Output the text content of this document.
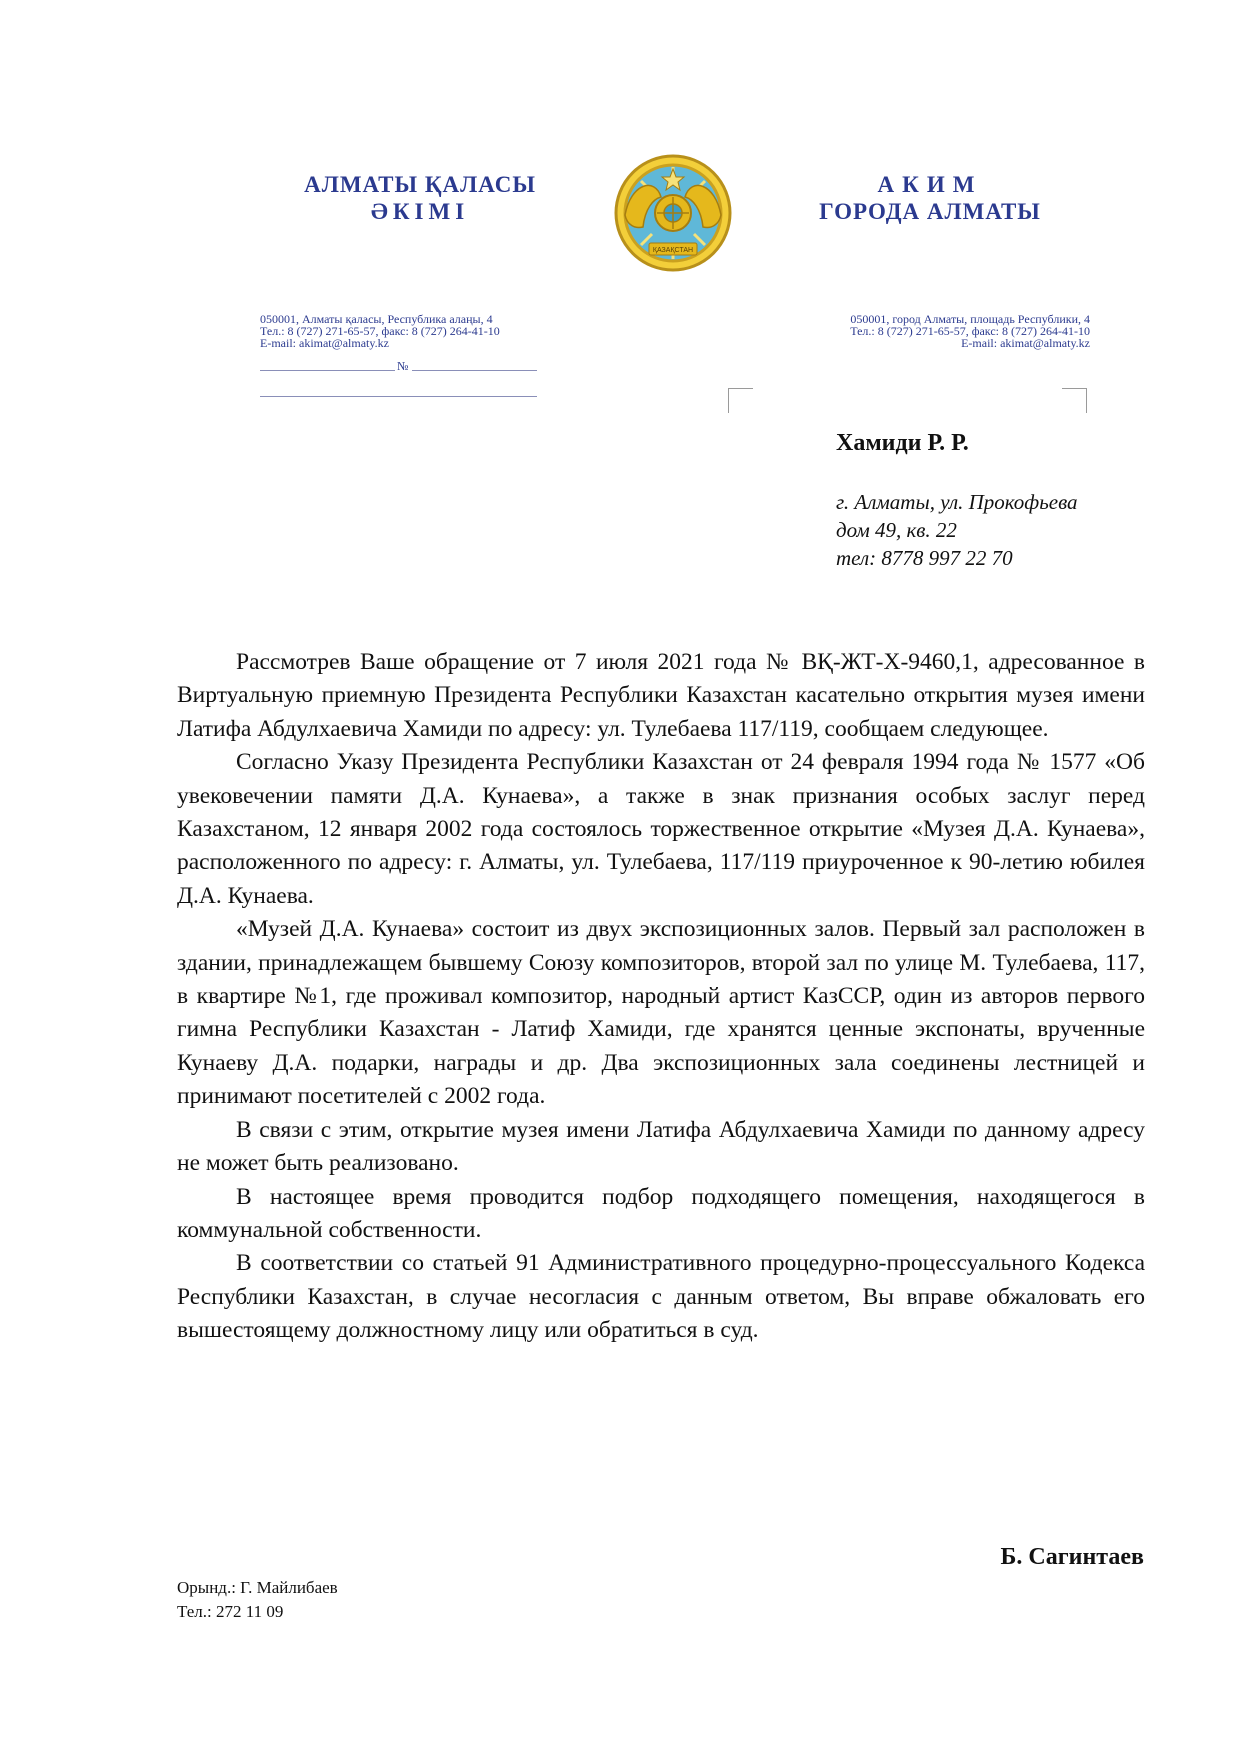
АЛМАТЫ ҚАЛАСЫ
ӘКІМІ
АКИМ
ГОРОДА АЛМАТЫ
ҚАЗАҚСТАН
050001, Алматы қаласы, Республика алаңы, 4
Тел.: 8 (727) 271-65-57, факс: 8 (727) 264-41-10
E-mail: akimat@almaty.kz
№
050001, город Алматы, площадь Республики, 4
Тел.: 8 (727) 271-65-57, факс: 8 (727) 264-41-10
E-mail: akimat@almaty.kz
Хамиди Р. Р.
г. Алматы, ул. Прокофьева
дом 49, кв. 22
тел: 8778 997 22 70

Рассмотрев Ваше обращение от 7 июля 2021 года № ВҚ-ЖТ-Х-9460,1, адресованное в Виртуальную приемную Президента Республики Казахстан касательно открытия музея имени Латифа Абдулхаевича Хамиди по адресу: ул. Тулебаева 117/119, сообщаем следующее.

Согласно Указу Президента Республики Казахстан от 24 февраля 1994 года № 1577 «Об увековечении памяти Д.А. Кунаева», а также в знак признания особых заслуг перед Казахстаном, 12 января 2002 года состоялось торжественное открытие «Музея Д.А. Кунаева», расположенного по адресу: г. Алматы, ул. Тулебаева, 117/119 приуроченное к 90-летию юбилея Д.А. Кунаева.

«Музей Д.А. Кунаева» состоит из двух экспозиционных залов. Первый зал расположен в здании, принадлежащем бывшему Союзу композиторов, второй зал по улице М. Тулебаева, 117, в квартире №1, где проживал композитор, народный артист КазССР, один из авторов первого гимна Республики Казахстан - Латиф Хамиди, где хранятся ценные экспонаты, врученные Кунаеву Д.А. подарки, награды и др. Два экспозиционных зала соединены лестницей и принимают посетителей с 2002 года.

В связи с этим, открытие музея имени Латифа Абдулхаевича Хамиди по данному адресу не может быть реализовано.

В настоящее время проводится подбор подходящего помещения, находящегося в коммунальной собственности.

В соответствии со статьей 91 Административного процедурно-процессуального Кодекса Республики Казахстан, в случае несогласия с данным ответом, Вы вправе обжаловать его вышестоящему должностному лицу или обратиться в суд.

Б. Сагинтаев
Орынд.: Г. Майлибаев
Тел.: 272 11 09
